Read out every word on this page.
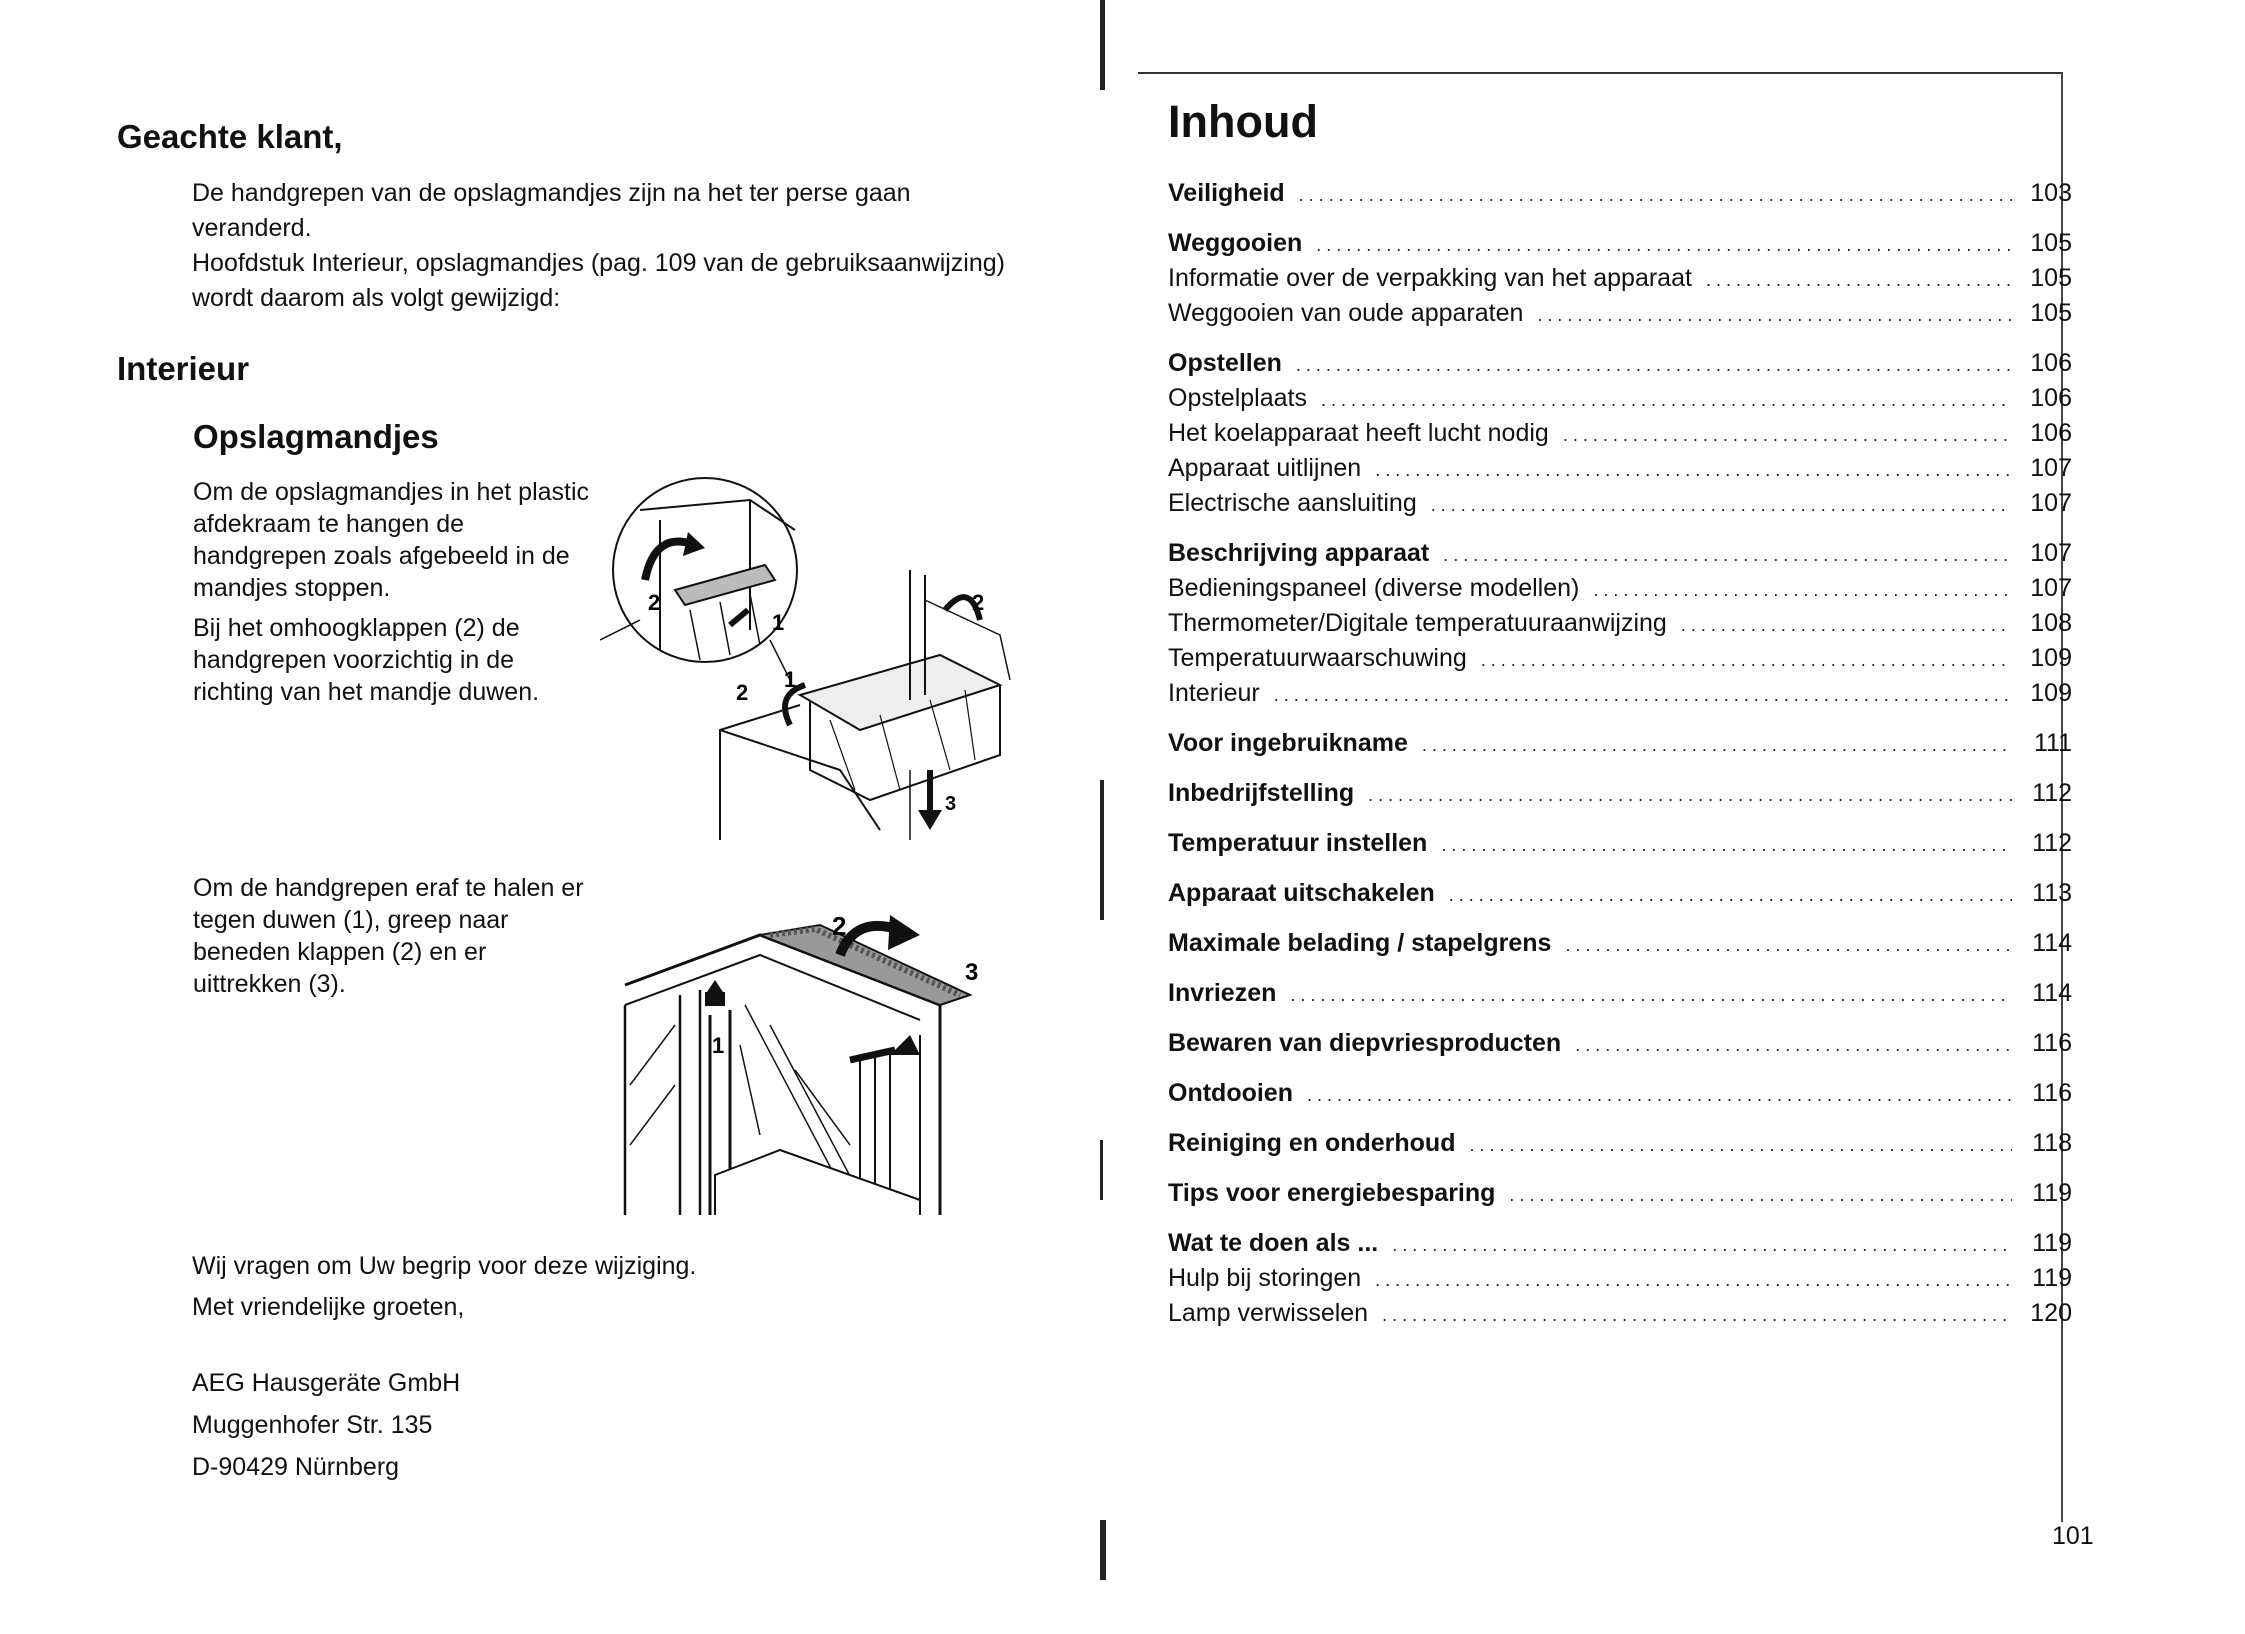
Geachte klant,

De handgrepen van de opslagmandjes zijn na het ter perse gaan veranderd.

Hoofdstuk Interieur, opslagmandjes (pag. 109 van de gebruiksaanwijzing) wordt daarom als volgt gewijzigd:

Interieur
Opslagmandjes

Om de opslagmandjes in het plastic afdekraam te hangen de handgrepen zoals afgebeeld in de mandjes stoppen.

Bij het omhoogklappen (2) de handgrepen voorzichtig in de richting van het mandje duwen.

2
1
1
2
2
3

Om de handgrepen eraf te halen er tegen duwen (1), greep naar beneden klappen (2) en er uittrekken (3).

2
3
1

Wij vragen om Uw begrip voor deze wijziging.

Met vriendelijke groeten,

AEG Hausgeräte GmbH
Muggenhofer Str. 135
D-90429 Nürnberg
Inhoud
Veiligheid .....	103
Weggooien .....	105
Informatie over de verpakking van het apparaat .....	105
Weggooien van oude apparaten .....	105
Opstellen .....	106
Opstelplaats .....	106
Het koelapparaat heeft lucht nodig .....	106
Apparaat uitlijnen .....	107
Electrische aansluiting .....	107
Beschrijving apparaat .....	107
Bedieningspaneel (diverse modellen) .....	107
Thermometer/Digitale temperatuuraanwijzing .....	108
Temperatuurwaarschuwing .....	109
Interieur .....	109
Voor ingebruikname .....	111
Inbedrijfstelling .....	112
Temperatuur instellen .....	112
Apparaat uitschakelen .....	113
Maximale belading / stapelgrens .....	114
Invriezen .....	114
Bewaren van diepvriesproducten .....	116
Ontdooien .....	116
Reiniging en onderhoud .....	118
Tips voor energiebesparing .....	119
Wat te doen als ... .....	119
Hulp bij storingen .....	119
Lamp verwisselen .....	120
101
